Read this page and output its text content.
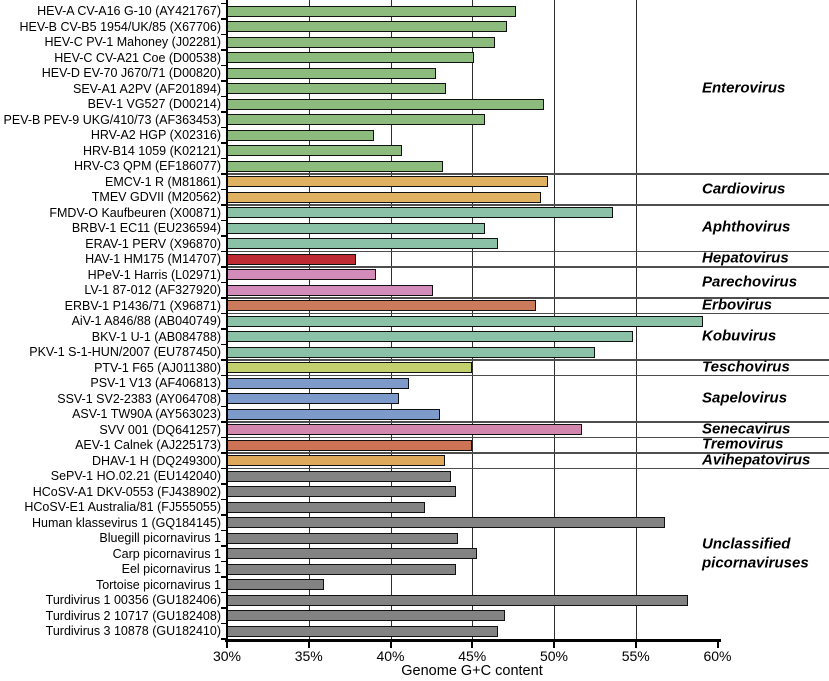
HEV-A CV-A16 G-10 (AY421767)
HEV-B CV-B5 1954/UK/85 (X67706)
HEV-C PV-1 Mahoney (J02281)
HEV-C CV-A21 Coe (D00538)
HEV-D EV-70 J670/71 (D00820)
SEV-A1 A2PV (AF201894)
BEV-1 VG527 (D00214)
PEV-B PEV-9 UKG/410/73 (AF363453)
HRV-A2 HGP (X02316)
HRV-B14 1059 (K02121)
HRV-C3 QPM (EF186077)
EMCV-1 R (M81861)
TMEV GDVII (M20562)
FMDV-O Kaufbeuren (X00871)
BRBV-1 EC11 (EU236594)
ERAV-1 PERV (X96870)
HAV-1 HM175 (M14707)
HPeV-1 Harris (L02971)
LV-1 87-012 (AF327920)
ERBV-1 P1436/71 (X96871)
AiV-1 A846/88 (AB040749)
BKV-1 U-1 (AB084788)
PKV-1 S-1-HUN/2007 (EU787450)
PTV-1 F65 (AJ011380)
PSV-1 V13 (AF406813)
SSV-1 SV2-2383 (AY064708)
ASV-1 TW90A (AY563023)
SVV 001 (DQ641257)
AEV-1 Calnek (AJ225173)
DHAV-1 H (DQ249300)
SePV-1 HO.02.21 (EU142040)
HCoSV-A1 DKV-0553 (FJ438902)
HCoSV-E1 Australia/81 (FJ555055)
Human klassevirus 1 (GQ184145)
Bluegill picornavirus 1
Carp picornavirus 1
Eel picornavirus 1
Tortoise picornavirus 1
Turdivirus 1 00356 (GU182406)
Turdivirus 2 10717 (GU182408)
Turdivirus 3 10878 (GU182410)
Enterovirus
Cardiovirus
Aphthovirus
Hepatovirus
Parechovirus
Erbovirus
Kobuvirus
Teschovirus
Sapelovirus
Senecavirus
Tremovirus
Avihepatovirus
Unclassified picornaviruses
30%	35%	40%	45%	50%	55%	60%
Genome G+C content
